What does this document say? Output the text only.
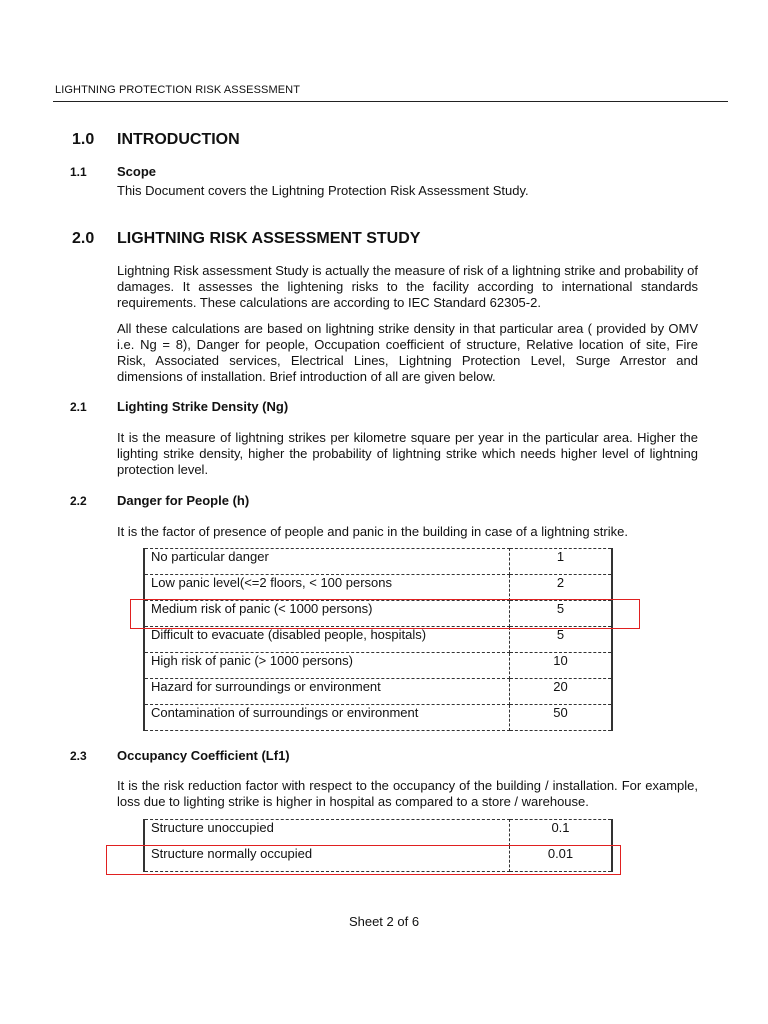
LIGHTNING PROTECTION RISK ASSESSMENT
1.0 INTRODUCTION
1.1 Scope
This Document covers the Lightning Protection Risk Assessment Study.
2.0 LIGHTNING RISK ASSESSMENT STUDY
Lightning Risk assessment Study is actually the measure of risk of a lightning strike and probability of damages. It assesses the lightening risks to the facility according to international standards requirements. These calculations are according to IEC Standard 62305-2.
All these calculations are based on lightning strike density in that particular area ( provided by OMV i.e. Ng = 8), Danger for people, Occupation coefficient of structure, Relative location of site, Fire Risk, Associated services, Electrical Lines, Lightning Protection Level, Surge Arrestor and dimensions of installation. Brief introduction of all are given below.
2.1 Lighting Strike Density (Ng)
It is the measure of lightning strikes per kilometre square per year in the particular area. Higher the lighting strike density, higher the probability of lightning strike which needs higher level of lightning protection level.
2.2 Danger for People (h)
It is the factor of presence of people and panic in the building in case of a lightning strike.
No particular danger	1
Low panic level(<=2 floors, < 100 persons	2
Medium risk of panic (< 1000 persons)	5
Difficult to evacuate (disabled people, hospitals)	5
High risk of panic (> 1000 persons)	10
Hazard for surroundings or environment	20
Contamination of surroundings or environment	50
2.3 Occupancy Coefficient (Lf1)
It is the risk reduction factor with respect to the occupancy of the building / installation. For example, loss due to lighting strike is higher in hospital as compared to a store / warehouse.
Structure unoccupied	0.1
Structure normally occupied	0.01
Sheet 2 of 6
